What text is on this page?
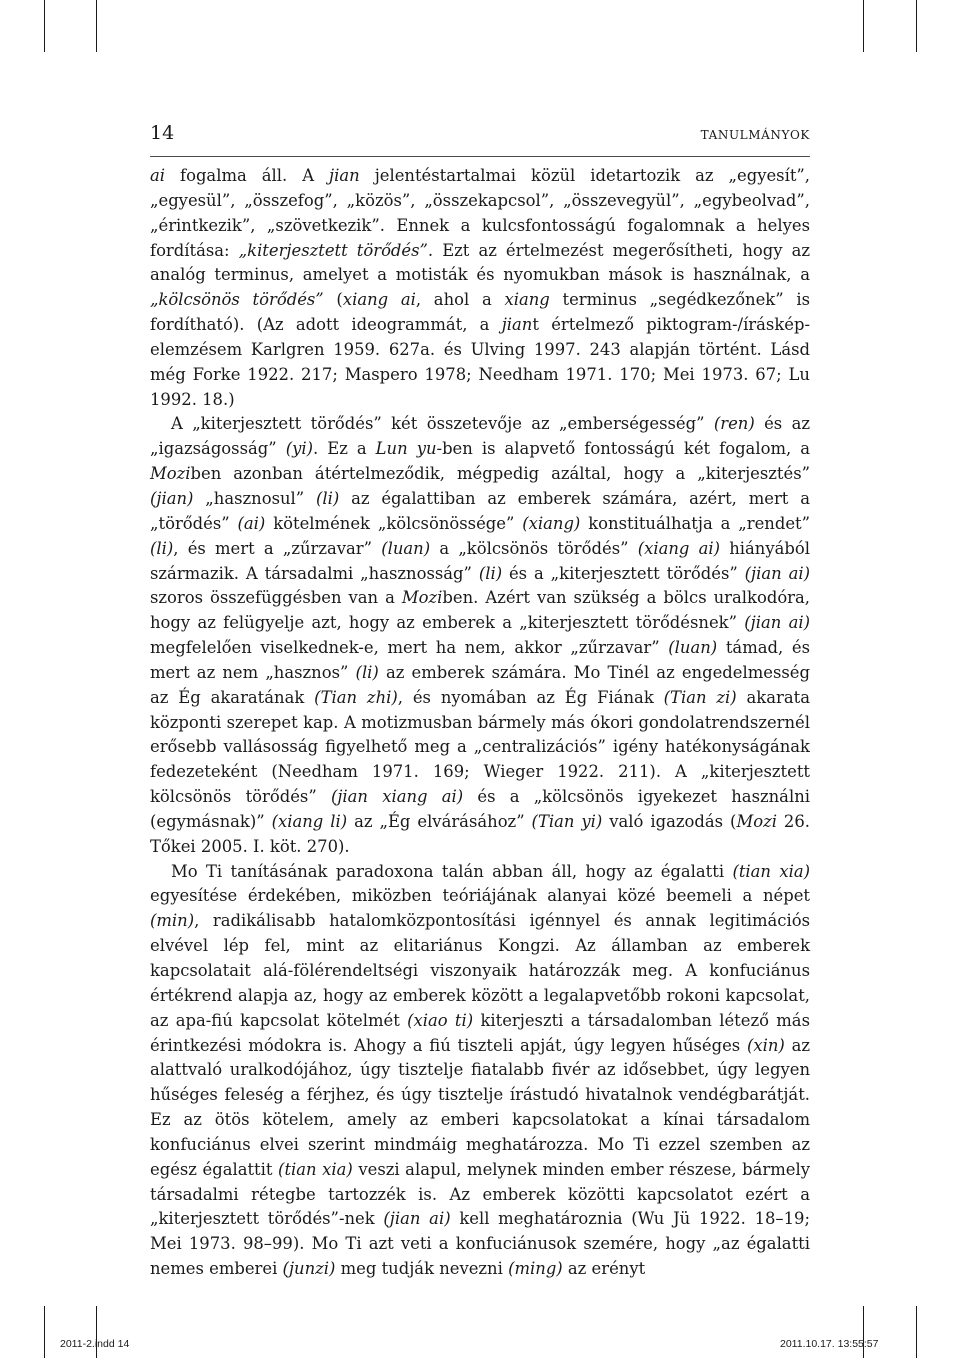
14	TANULMÁNYOK

ai fogalma áll. A jian jelentéstartalmai közül idetartozik az „egyesít”, „egyesül”, „összefog”, „közös”, „összekapcsol”, „összevegyül”, „egybeolvad”, „érintkezik”, „szövetkezik”. Ennek a kulcsfontosságú fogalomnak a helyes fordítása: „kiterjesztett törődés”. Ezt az értelmezést megerősítheti, hogy az analóg terminus, amelyet a motisták és nyomukban mások is használnak, a „kölcsönös törődés” (xiang ai, ahol a xiang terminus „segédkezőnek” is fordítható). (Az adott ideogrammát, a jiant értelmező piktogram-/íráskép-elemzésem Karlgren 1959. 627a. és Ulving 1997. 243 alapján történt. Lásd még Forke 1922. 217; Maspero 1978; Needham 1971. 170; Mei 1973. 67; Lu 1992. 18.)

A „kiterjesztett törődés” két összetevője az „emberségesség” (ren) és az „igazságosság” (yi). Ez a Lun yu-ben is alapvető fontosságú két fogalom, a Moziben azonban átértelmeződik, mégpedig azáltal, hogy a „kiterjesztés” (jian) „hasznosul” (li) az égalattiban az emberek számára, azért, mert a „törődés” (ai) kötelmének „kölcsönössége” (xiang) konstituálhatja a „rendet” (li), és mert a „zűrzavar” (luan) a „kölcsönös törődés” (xiang ai) hiányából származik. A társadalmi „hasznosság” (li) és a „kiterjesztett törődés” (jian ai) szoros összefüggésben van a Moziben. Azért van szükség a bölcs uralkodóra, hogy az felügyelje azt, hogy az emberek a „kiterjesztett törődésnek” (jian ai) megfelelően viselkednek-e, mert ha nem, akkor „zűrzavar” (luan) támad, és mert az nem „hasznos” (li) az emberek számára. Mo Tinél az engedelmesség az Ég akaratának (Tian zhi), és nyomában az Ég Fiának (Tian zi) akarata központi szerepet kap. A motizmusban bármely más ókori gondolatrendszernél erősebb vallásosság figyelhető meg a „centralizációs” igény hatékonyságának fedezeteként (Needham 1971. 169; Wieger 1922. 211). A „kiterjesztett kölcsönös törődés” (jian xiang ai) és a „kölcsönös igyekezet használni (egymásnak)” (xiang li) az „Ég elvárásához” (Tian yi) való igazodás (Mozi 26. Tőkei 2005. I. köt. 270).

Mo Ti tanításának paradoxona talán abban áll, hogy az égalatti (tian xia) egyesítése érdekében, miközben teóriájának alanyai közé beemeli a népet (min), radikálisabb hatalomközpontosítási igénnyel és annak legitimációs elvével lép fel, mint az elitariánus Kongzi. Az államban az emberek kapcsolatait alá-fölérendeltségi viszonyaik határozzák meg. A konfuciánus értékrend alapja az, hogy az emberek között a legalapvetőbb rokoni kapcsolat, az apa-fiú kapcsolat kötelmét (xiao ti) kiterjeszti a társadalomban létező más érintkezési módokra is. Ahogy a fiú tiszteli apját, úgy legyen hűséges (xin) az alattvaló uralkodójához, úgy tisztelje fiatalabb fivér az idősebbet, úgy legyen hűséges feleség a férjhez, és úgy tisztelje írástudó hivatalnok vendégbarátját. Ez az ötös kötelem, amely az emberi kapcsolatokat a kínai társadalom konfuciánus elvei szerint mindmáig meghatározza. Mo Ti ezzel szemben az egész égalattit (tian xia) veszi alapul, melynek minden ember részese, bármely társadalmi rétegbe tartozzék is. Az emberek közötti kapcsolatot ezért a „kiterjesztett törődés”-nek (jian ai) kell meghatároznia (Wu Jü 1922. 18–19; Mei 1973. 98–99). Mo Ti azt veti a konfuciánusok szemére, hogy „az égalatti nemes emberei (junzi) meg tudják nevezni (ming) az erényt

2011-2.indd 14	2011.10.17. 13:55:57
